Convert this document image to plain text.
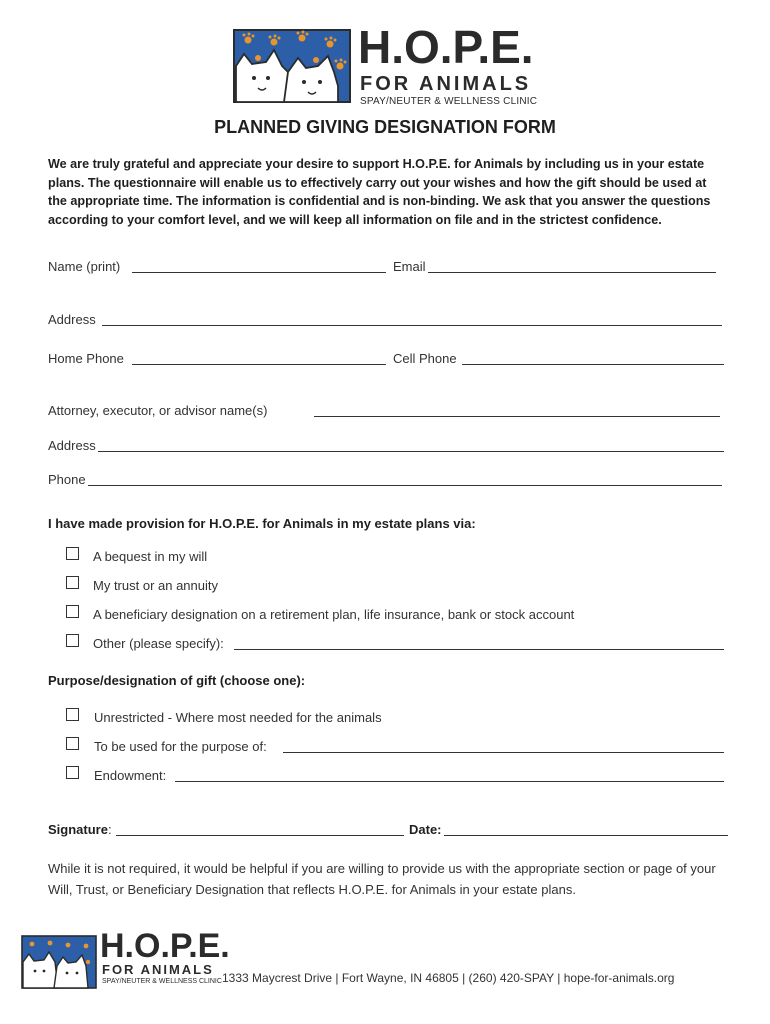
H.O.P.E.
FOR ANIMALS
SPAY/NEUTER & WELLNESS CLINIC
PLANNED GIVING DESIGNATION FORM
We are truly grateful and appreciate your desire to support H.O.P.E. for Animals by including us in your estate plans. The questionnaire will enable us to effectively carry out your wishes and how the gift should be used at the appropriate time. The information is confidential and is non-binding. We ask that you answer the questions according to your comfort level, and we will keep all information on file and in the strictest confidence.
Name (print)	Email
Address
Home Phone	Cell Phone
Attorney, executor, or advisor name(s)
Address
Phone
I have made provision for H.O.P.E. for Animals in my estate plans via:
A bequest in my will
My trust or an annuity
A beneficiary designation on a retirement plan, life insurance, bank or stock account
Other (please specify):
Purpose/designation of gift (choose one):
Unrestricted - Where most needed for the animals
To be used for the purpose of:
Endowment:
Signature:	Date:
While it is not required, it would be helpful if you are willing to provide us with the appropriate section or page of your Will, Trust, or Beneficiary Designation that reflects H.O.P.E. for Animals in your estate plans.
H.O.P.E.
FOR ANIMALS
SPAY/NEUTER & WELLNESS CLINIC 1333 Maycrest Drive | Fort Wayne, IN 46805 | (260) 420-SPAY | hope-for-animals.org
